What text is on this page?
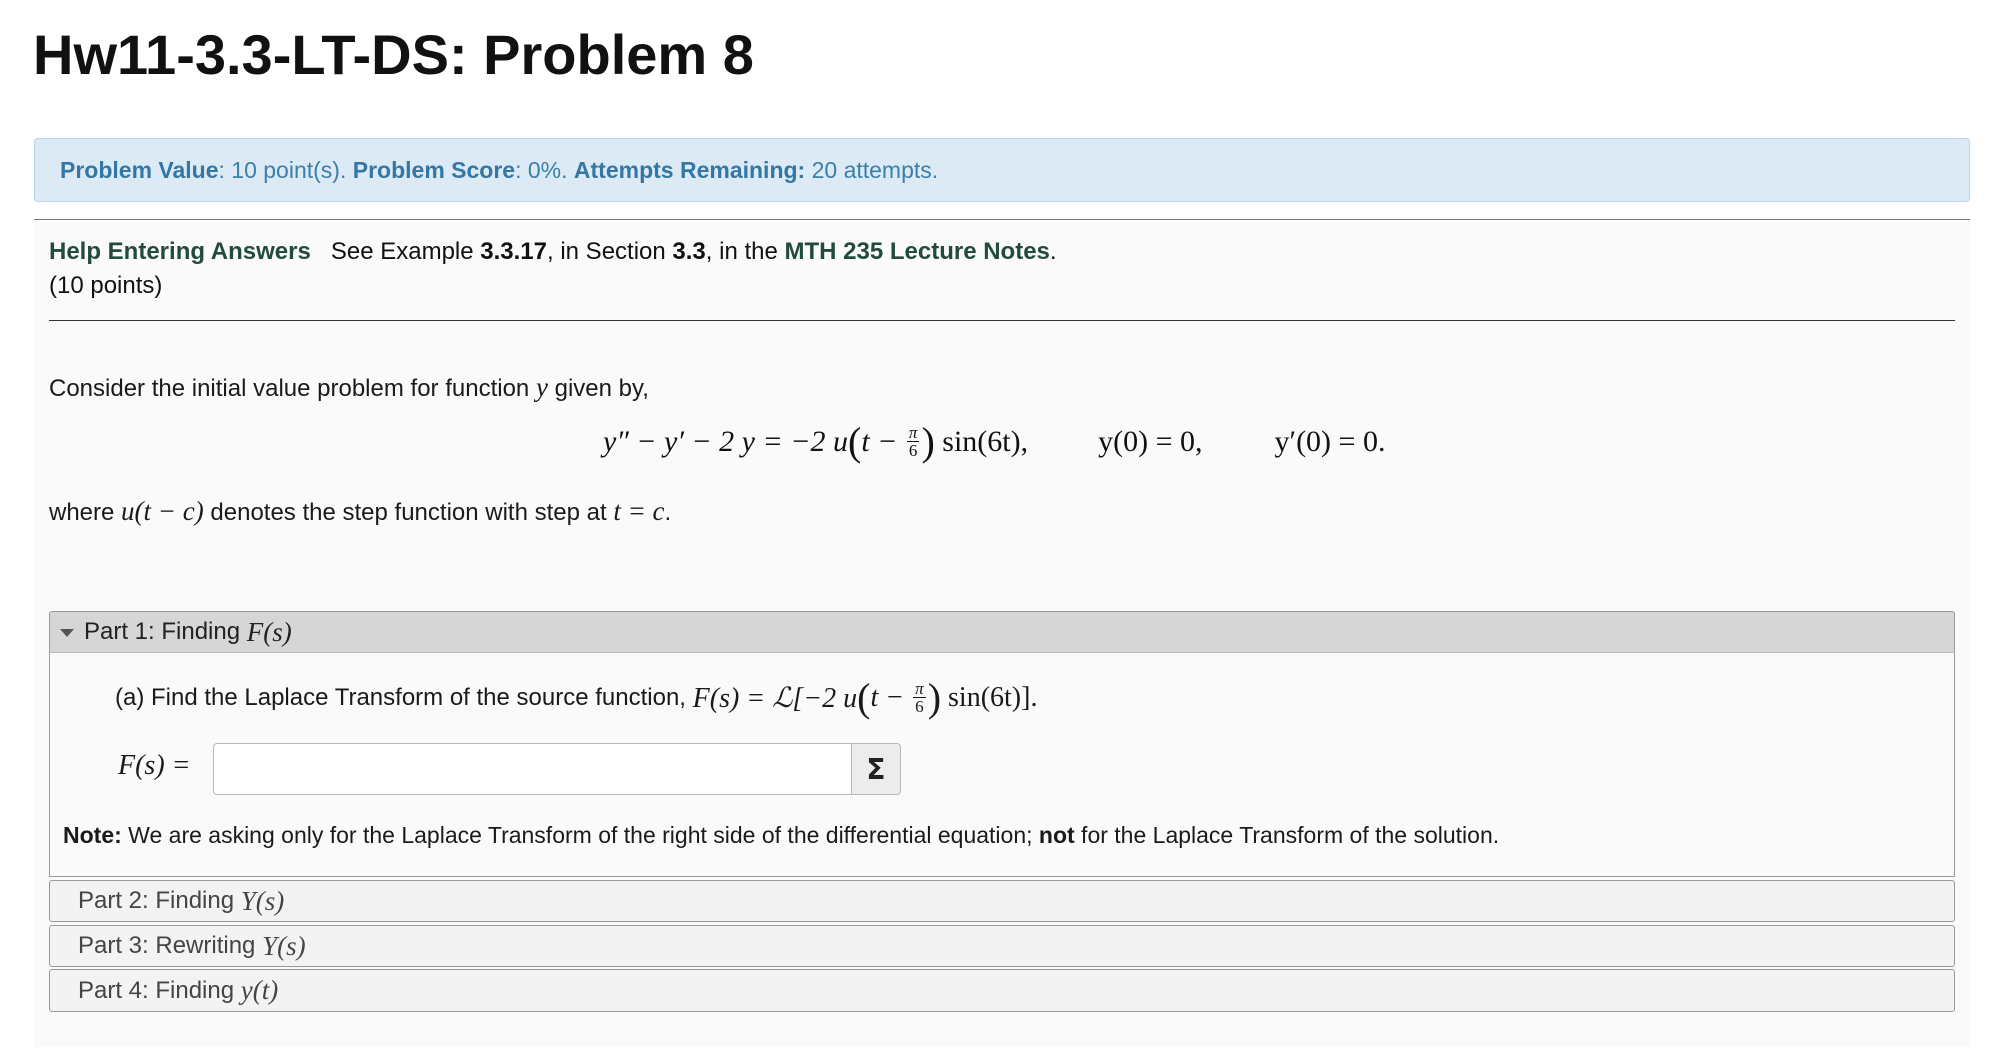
Hw11-3.3-LT-DS: Problem 8
Problem Value : 10 point(s). Problem Score : 0%. Attempts Remaining: 20 attempts.
Help Entering Answers See Example 3.3.17, in Section 3.3, in the MTH 235 Lecture Notes.
(10 points)
Consider the initial value problem for function y given by,
y″ − y′ − 2 y = −2 u ( $t - \frac{\pi}{6}$ ) sin(6t), y(0) = 0, y′(0) = 0.
where u(t − c) denotes the step function with step at t = c.
Part 1: Finding F(s)
(a) Find the Laplace Transform of the source function, F(s) = ℒ[−2 u ( $t - \frac{\pi}{6}$ ) sin(6t)].
F(s) =	Σ
Note: We are asking only for the Laplace Transform of the right side of the differential equation; not for the Laplace Transform of the solution.
Part 2: Finding Y(s)
Part 3: Rewriting Y(s)
Part 4: Finding y(t)
